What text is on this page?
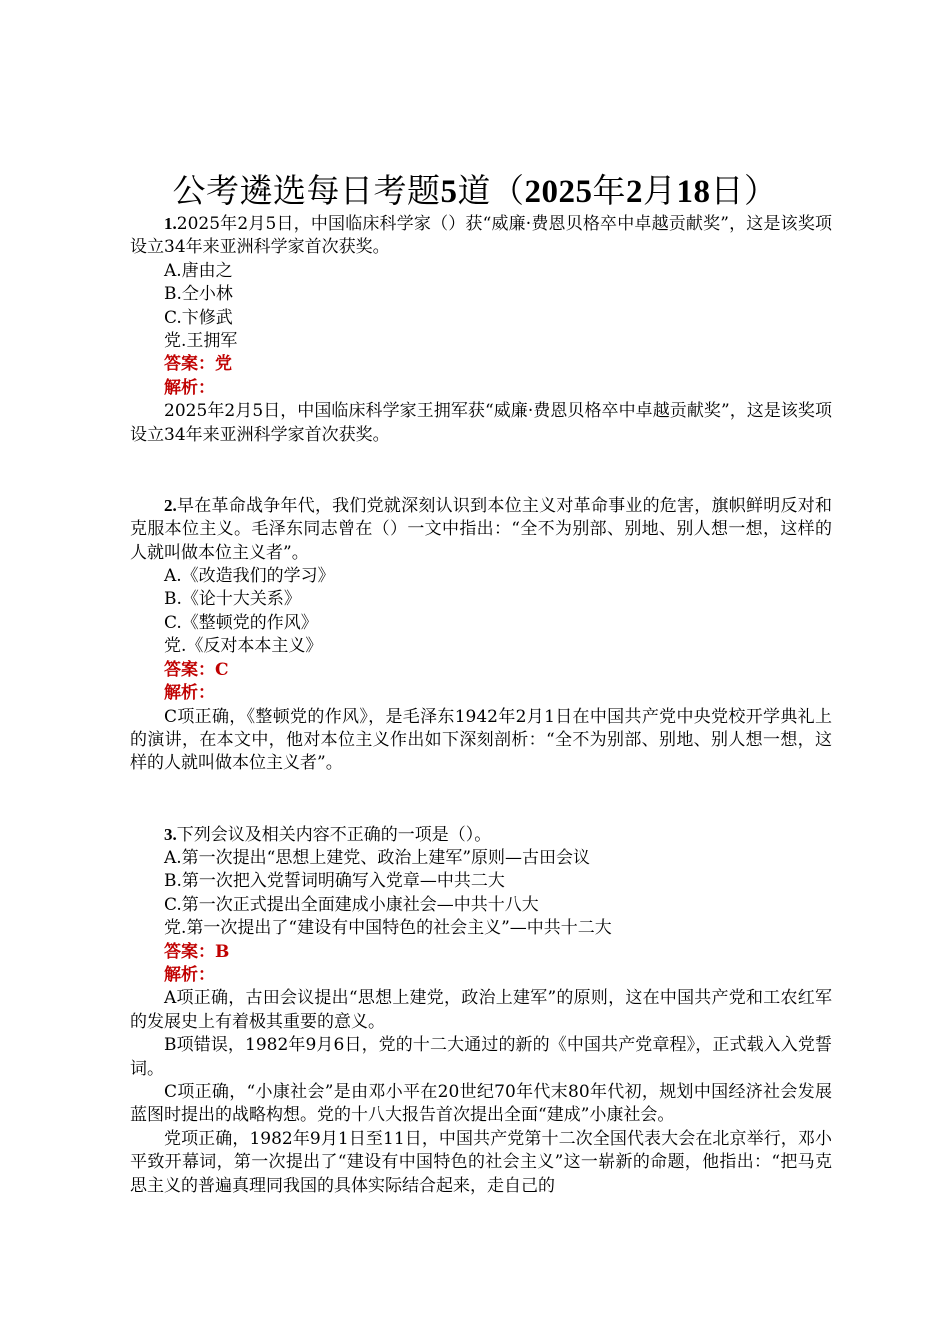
公考遴选每日考题5道（2025年2月18日）

1.2025年2月5日，中国临床科学家（）获“威廉·费恩贝格卒中卓越贡献奖”，这是该奖项设立34年来亚洲科学家首次获奖。

A.唐由之

B.仝小林

C.卞修武

党.王拥军

答案：党

解析：

2025年2月5日，中国临床科学家王拥军获“威廉·费恩贝格卒中卓越贡献奖”，这是该奖项设立34年来亚洲科学家首次获奖。

2.早在革命战争年代，我们党就深刻认识到本位主义对革命事业的危害，旗帜鲜明反对和克服本位主义。毛泽东同志曾在（）一文中指出：“全不为别部、别地、别人想一想，这样的人就叫做本位主义者”。

A.《改造我们的学习》

B.《论十大关系》

C.《整顿党的作风》

党.《反对本本主义》

答案：C

解析：

C项正确，《整顿党的作风》，是毛泽东1942年2月1日在中国共产党中央党校开学典礼上的演讲，在本文中，他对本位主义作出如下深刻剖析：“全不为别部、别地、别人想一想，这样的人就叫做本位主义者”。

3.下列会议及相关内容不正确的一项是（）。

A.第一次提出“思想上建党、政治上建军”原则—古田会议

B.第一次把入党誓词明确写入党章—中共二大

C.第一次正式提出全面建成小康社会—中共十八大

党.第一次提出了“建设有中国特色的社会主义”—中共十二大

答案：B

解析：

A项正确，古田会议提出“思想上建党，政治上建军”的原则，这在中国共产党和工农红军的发展史上有着极其重要的意义。

B项错误，1982年9月6日，党的十二大通过的新的《中国共产党章程》，正式载入入党誓词。

C项正确，“小康社会”是由邓小平在20世纪70年代末80年代初，规划中国经济社会发展蓝图时提出的战略构想。党的十八大报告首次提出全面“建成”小康社会。

党项正确，1982年9月1日至11日，中国共产党第十二次全国代表大会在北京举行，邓小平致开幕词，第一次提出了“建设有中国特色的社会主义”这一崭新的命题，他指出：“把马克思主义的普遍真理同我国的具体实际结合起来，走自己的
